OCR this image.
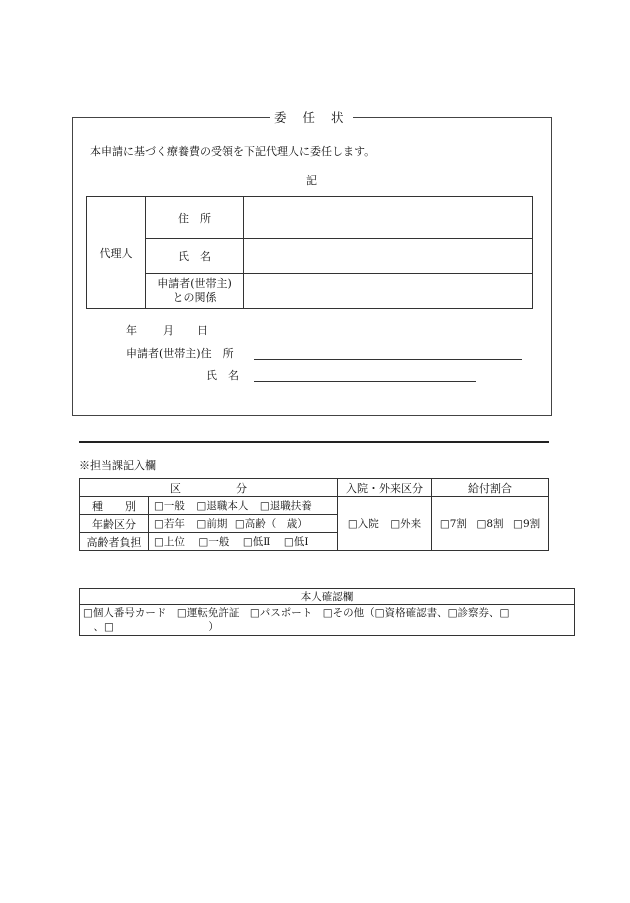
委 任 状
本申請に基づく療養費の受領を下記代理人に委任します。
記
代理人	住　所	
	氏　名	

	申請者(世帯主)
との関係	

年 月 日
申請者(世帯主)住　所
氏　名
※担当課記入欄
区　　　　　分		入院・外来区分	給付割合
種　　別	□一般 □退職本人 □退職扶養	□入院 □外来	□7割 □8割 □9割
年齢区分	□若年 □前期 □高齢（　歳）		
高齢者負担	□上位 □一般 □低Ⅱ □低Ⅰ		
本人確認欄

□個人番号カード　□運転免許証　□パスポート　□その他（□資格確認書、□診察券、□
　、□　　　　　　　　　）
